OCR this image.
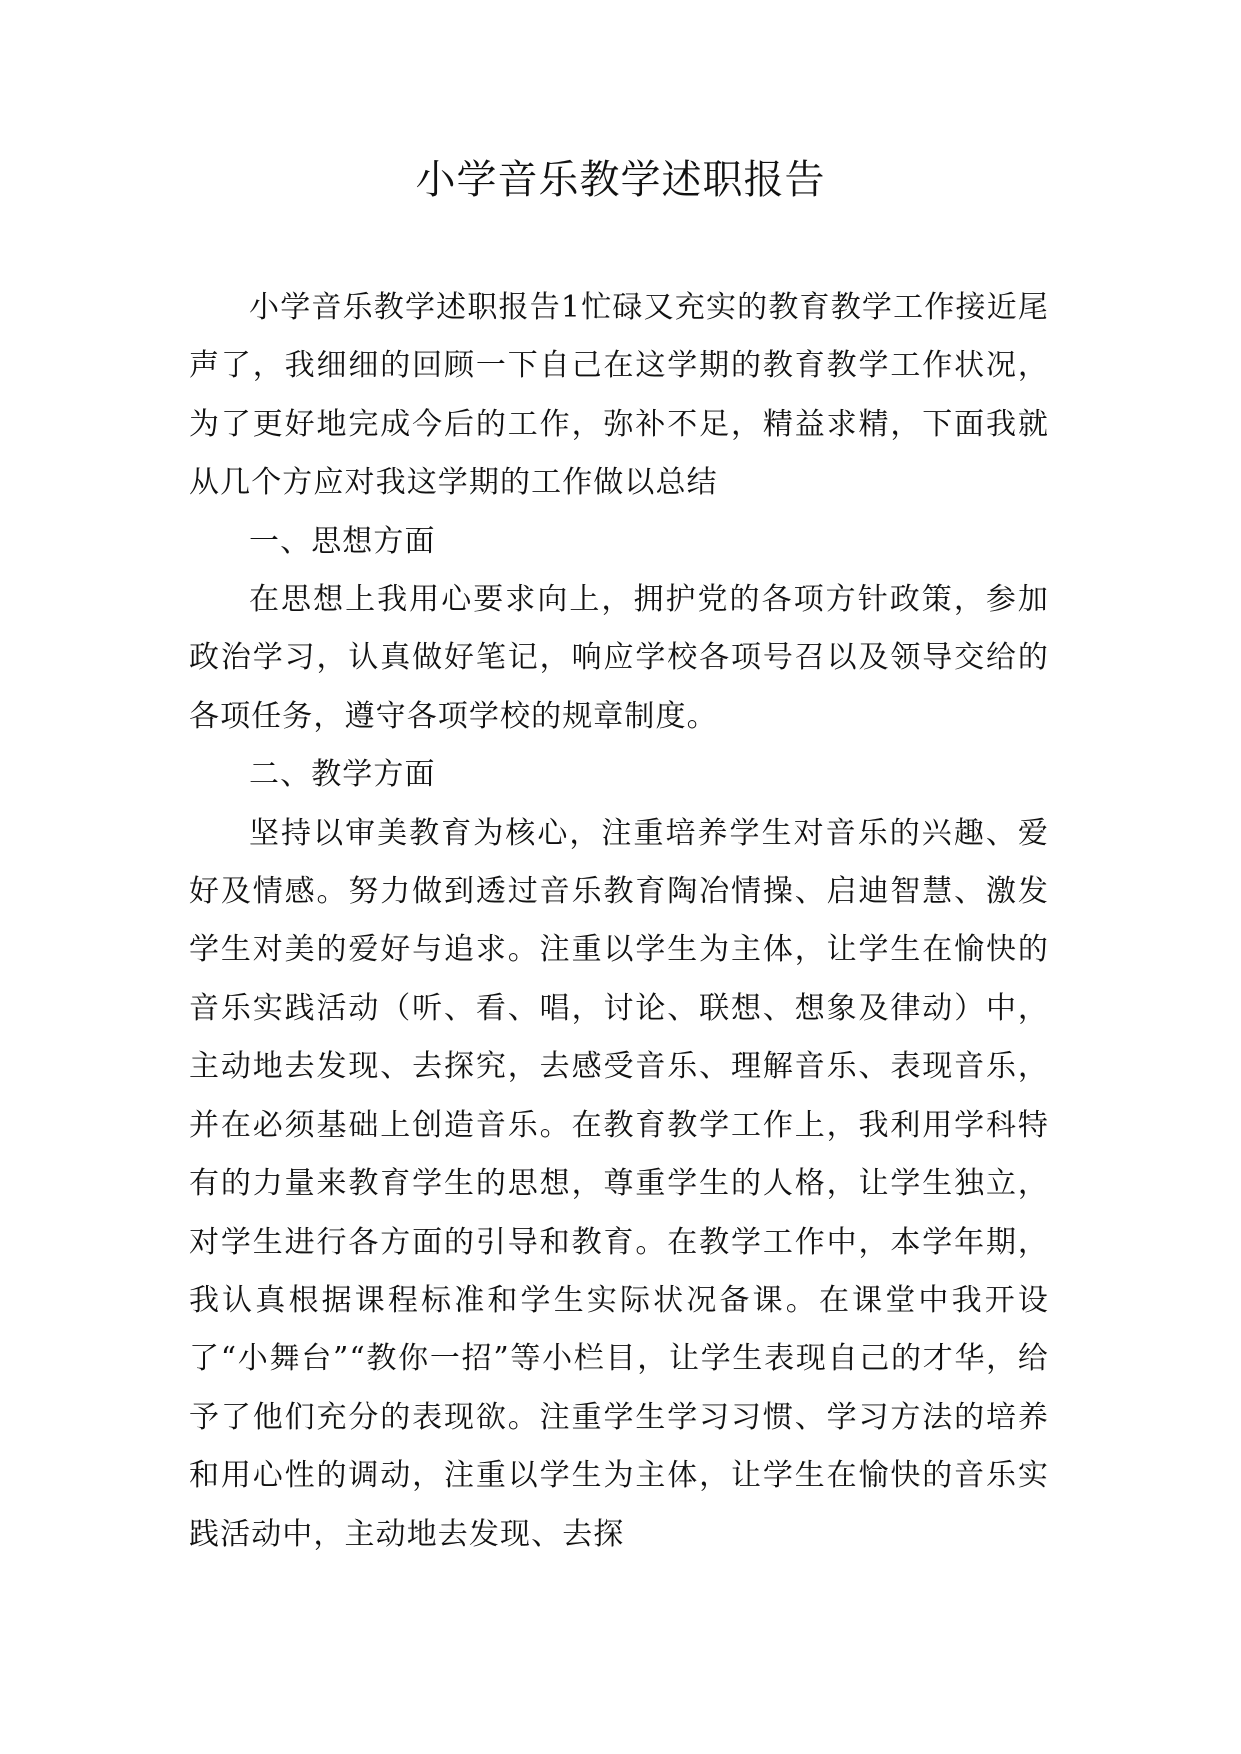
小学音乐教学述职报告

小学音乐教学述职报告1忙碌又充实的教育教学工作接近尾声了，我细细的回顾一下自己在这学期的教育教学工作状况，为了更好地完成今后的工作，弥补不足，精益求精，下面我就从几个方应对我这学期的工作做以总结

一、思想方面

在思想上我用心要求向上，拥护党的各项方针政策，参加政治学习，认真做好笔记，响应学校各项号召以及领导交给的各项任务，遵守各项学校的规章制度。

二、教学方面

坚持以审美教育为核心，注重培养学生对音乐的兴趣、爱好及情感。努力做到透过音乐教育陶冶情操、启迪智慧、激发学生对美的爱好与追求。注重以学生为主体，让学生在愉快的音乐实践活动（听、看、唱，讨论、联想、想象及律动）中，主动地去发现、去探究，去感受音乐、理解音乐、表现音乐，并在必须基础上创造音乐。在教育教学工作上，我利用学科特有的力量来教育学生的思想，尊重学生的人格，让学生独立，对学生进行各方面的引导和教育。在教学工作中，本学年期，我认真根据课程标准和学生实际状况备课。在课堂中我开设了“小舞台”“教你一招”等小栏目，让学生表现自己的才华，给予了他们充分的表现欲。注重学生学习习惯、学习方法的培养和用心性的调动，注重以学生为主体，让学生在愉快的音乐实践活动中，主动地去发现、去探
